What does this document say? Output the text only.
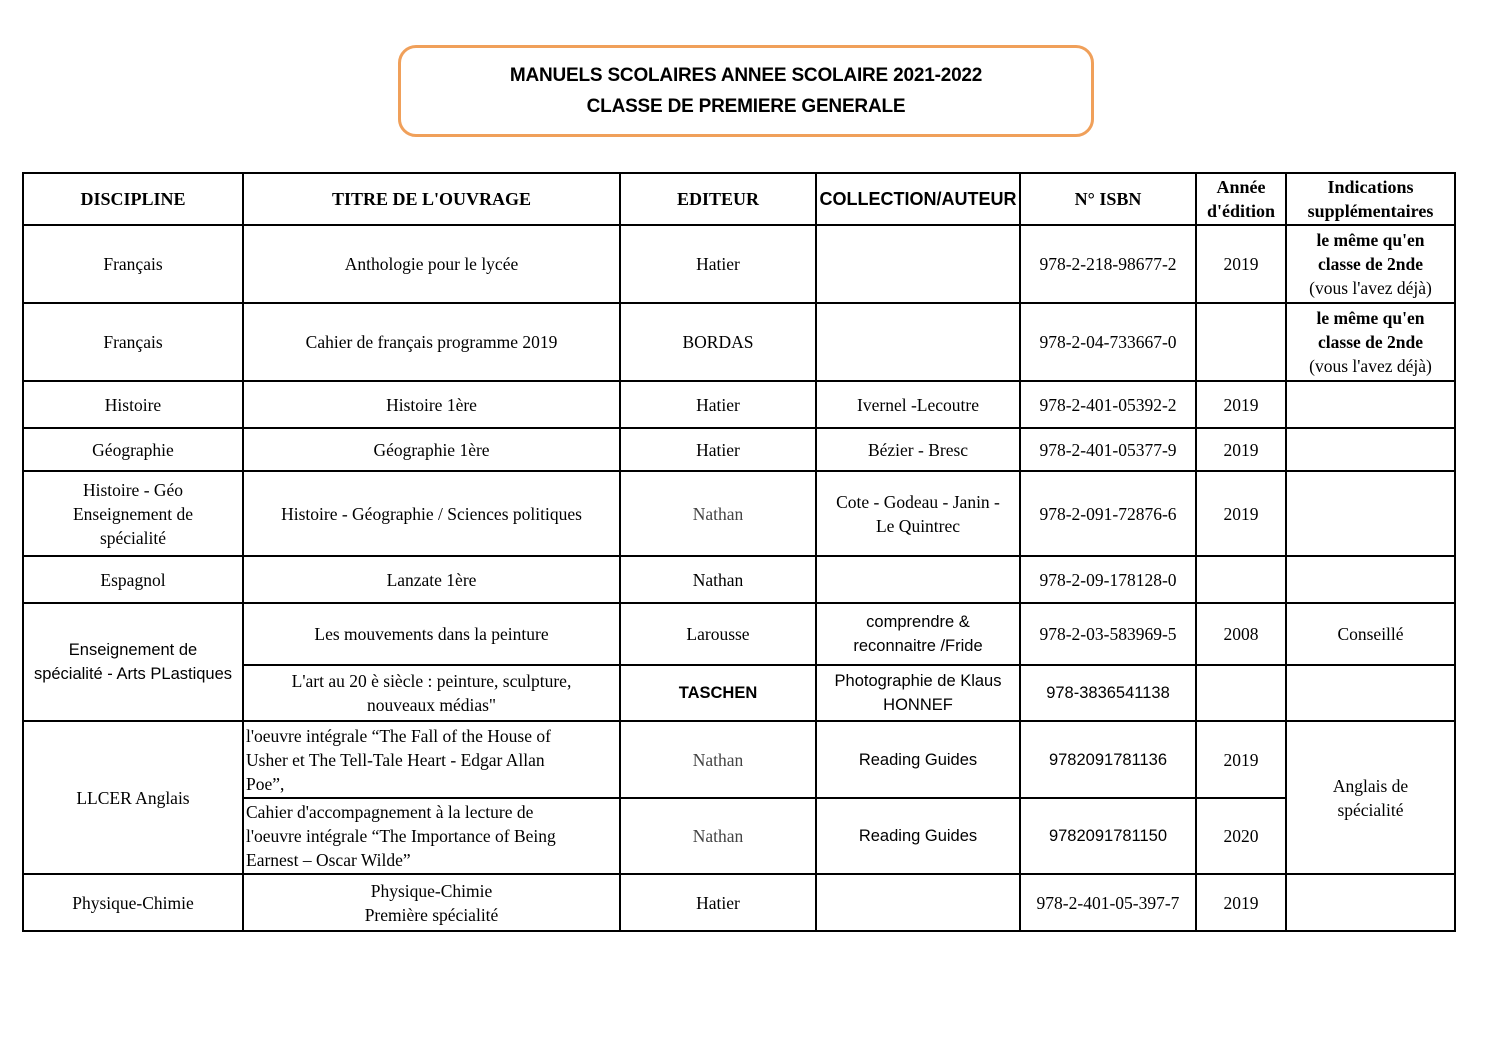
MANUELS SCOLAIRES ANNEE SCOLAIRE 2021-2022
CLASSE DE PREMIERE GENERALE
DISCIPLINE	TITRE DE L'OUVRAGE	EDITEUR	COLLECTION/AUTEUR	N° ISBN	Année
d'édition	Indications
supplémentaires

Français	Anthologie pour le lycée	Hatier		978-2-218-98677-2	2019	le même qu'en
classe de 2nde
(vous l'avez déjà)

Français	Cahier de français programme 2019	BORDAS		978-2-04-733667-0		le même qu'en
classe de 2nde
(vous l'avez déjà)

Histoire	Histoire 1ère	Hatier	Ivernel -Lecoutre	978-2-401-05392-2	2019	
Géographie	Géographie 1ère	Hatier	Bézier - Bresc	978-2-401-05377-9	2019	

Histoire - Géo
Enseignement de
spécialité	Histoire - Géographie / Sciences politiques	Nathan	Cote - Godeau - Janin -
Le Quintrec	978-2-091-72876-6	2019	
Espagnol	Lanzate 1ère	Nathan		978-2-09-178128-0		

Enseignement de
spécialité - Arts PLastiques	Les mouvements dans la peinture	Larousse	comprendre &
reconnaitre /Fride	978-2-03-583969-5	2008	Conseillé

	L'art au 20 è siècle : peinture, sculpture,
nouveaux médias"	TASCHEN	Photographie de Klaus
HONNEF	978-3836541138		
LLCER Anglais	l'oeuvre intégrale “The Fall of the House of
Usher et The Tell-Tale Heart - Edgar Allan
Poe”,	Nathan	Reading Guides	9782091781136	2019	Anglais de
spécialité

	Cahier d'accompagnement à la lecture de
l'oeuvre intégrale “The Importance of Being
Earnest – Oscar Wilde”	Nathan	Reading Guides	9782091781150	2020	
Physique-Chimie	Physique-Chimie
Première spécialité	Hatier		978-2-401-05-397-7	2019	
